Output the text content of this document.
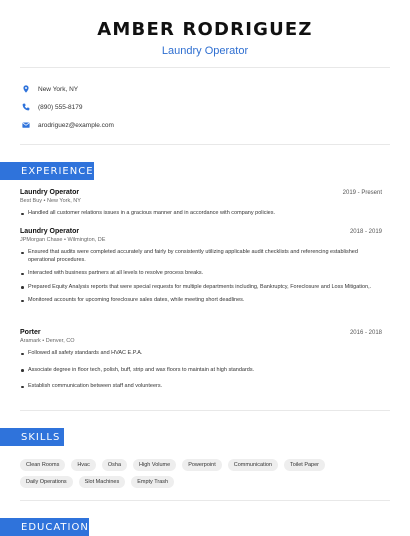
AMBER RODRIGUEZ
Laundry Operator
New York, NY
(890) 555-8179
arodriguez@example.com
EXPERIENCE
Laundry Operator	2019 - Present
Best Buy • New York, NY
Handled all customer relations issues in a gracious manner and in accordance with company policies.
Laundry Operator	2018 - 2019
JPMorgan Chase • Wilmington, DE
Ensured that audits were completed accurately and fairly by consistently utilizing applicable audit checklists and referencing established operational procedures.
Interacted with business partners at all levels to resolve process breaks.
Prepared Equity Analysis reports that were special requests for multiple departments including, Bankruptcy, Foreclosure and Loss Mitigation,.
Monitored accounts for upcoming foreclosure sales dates, while meeting short deadlines.
Porter	2016 - 2018
Aramark • Denver, CO
Followed all safety standards and HVAC E.P.A.
Associate degree in floor tech, polish, buff, strip and wax floors to maintain at high standards.
Establish communication between staff and volunteers.
SKILLS
Clean Rooms	Hvac	Osha	High Volume	Powerpoint	Communication	Toilet Paper
Daily Operations	Slot Machines	Empty Trash
EDUCATION
